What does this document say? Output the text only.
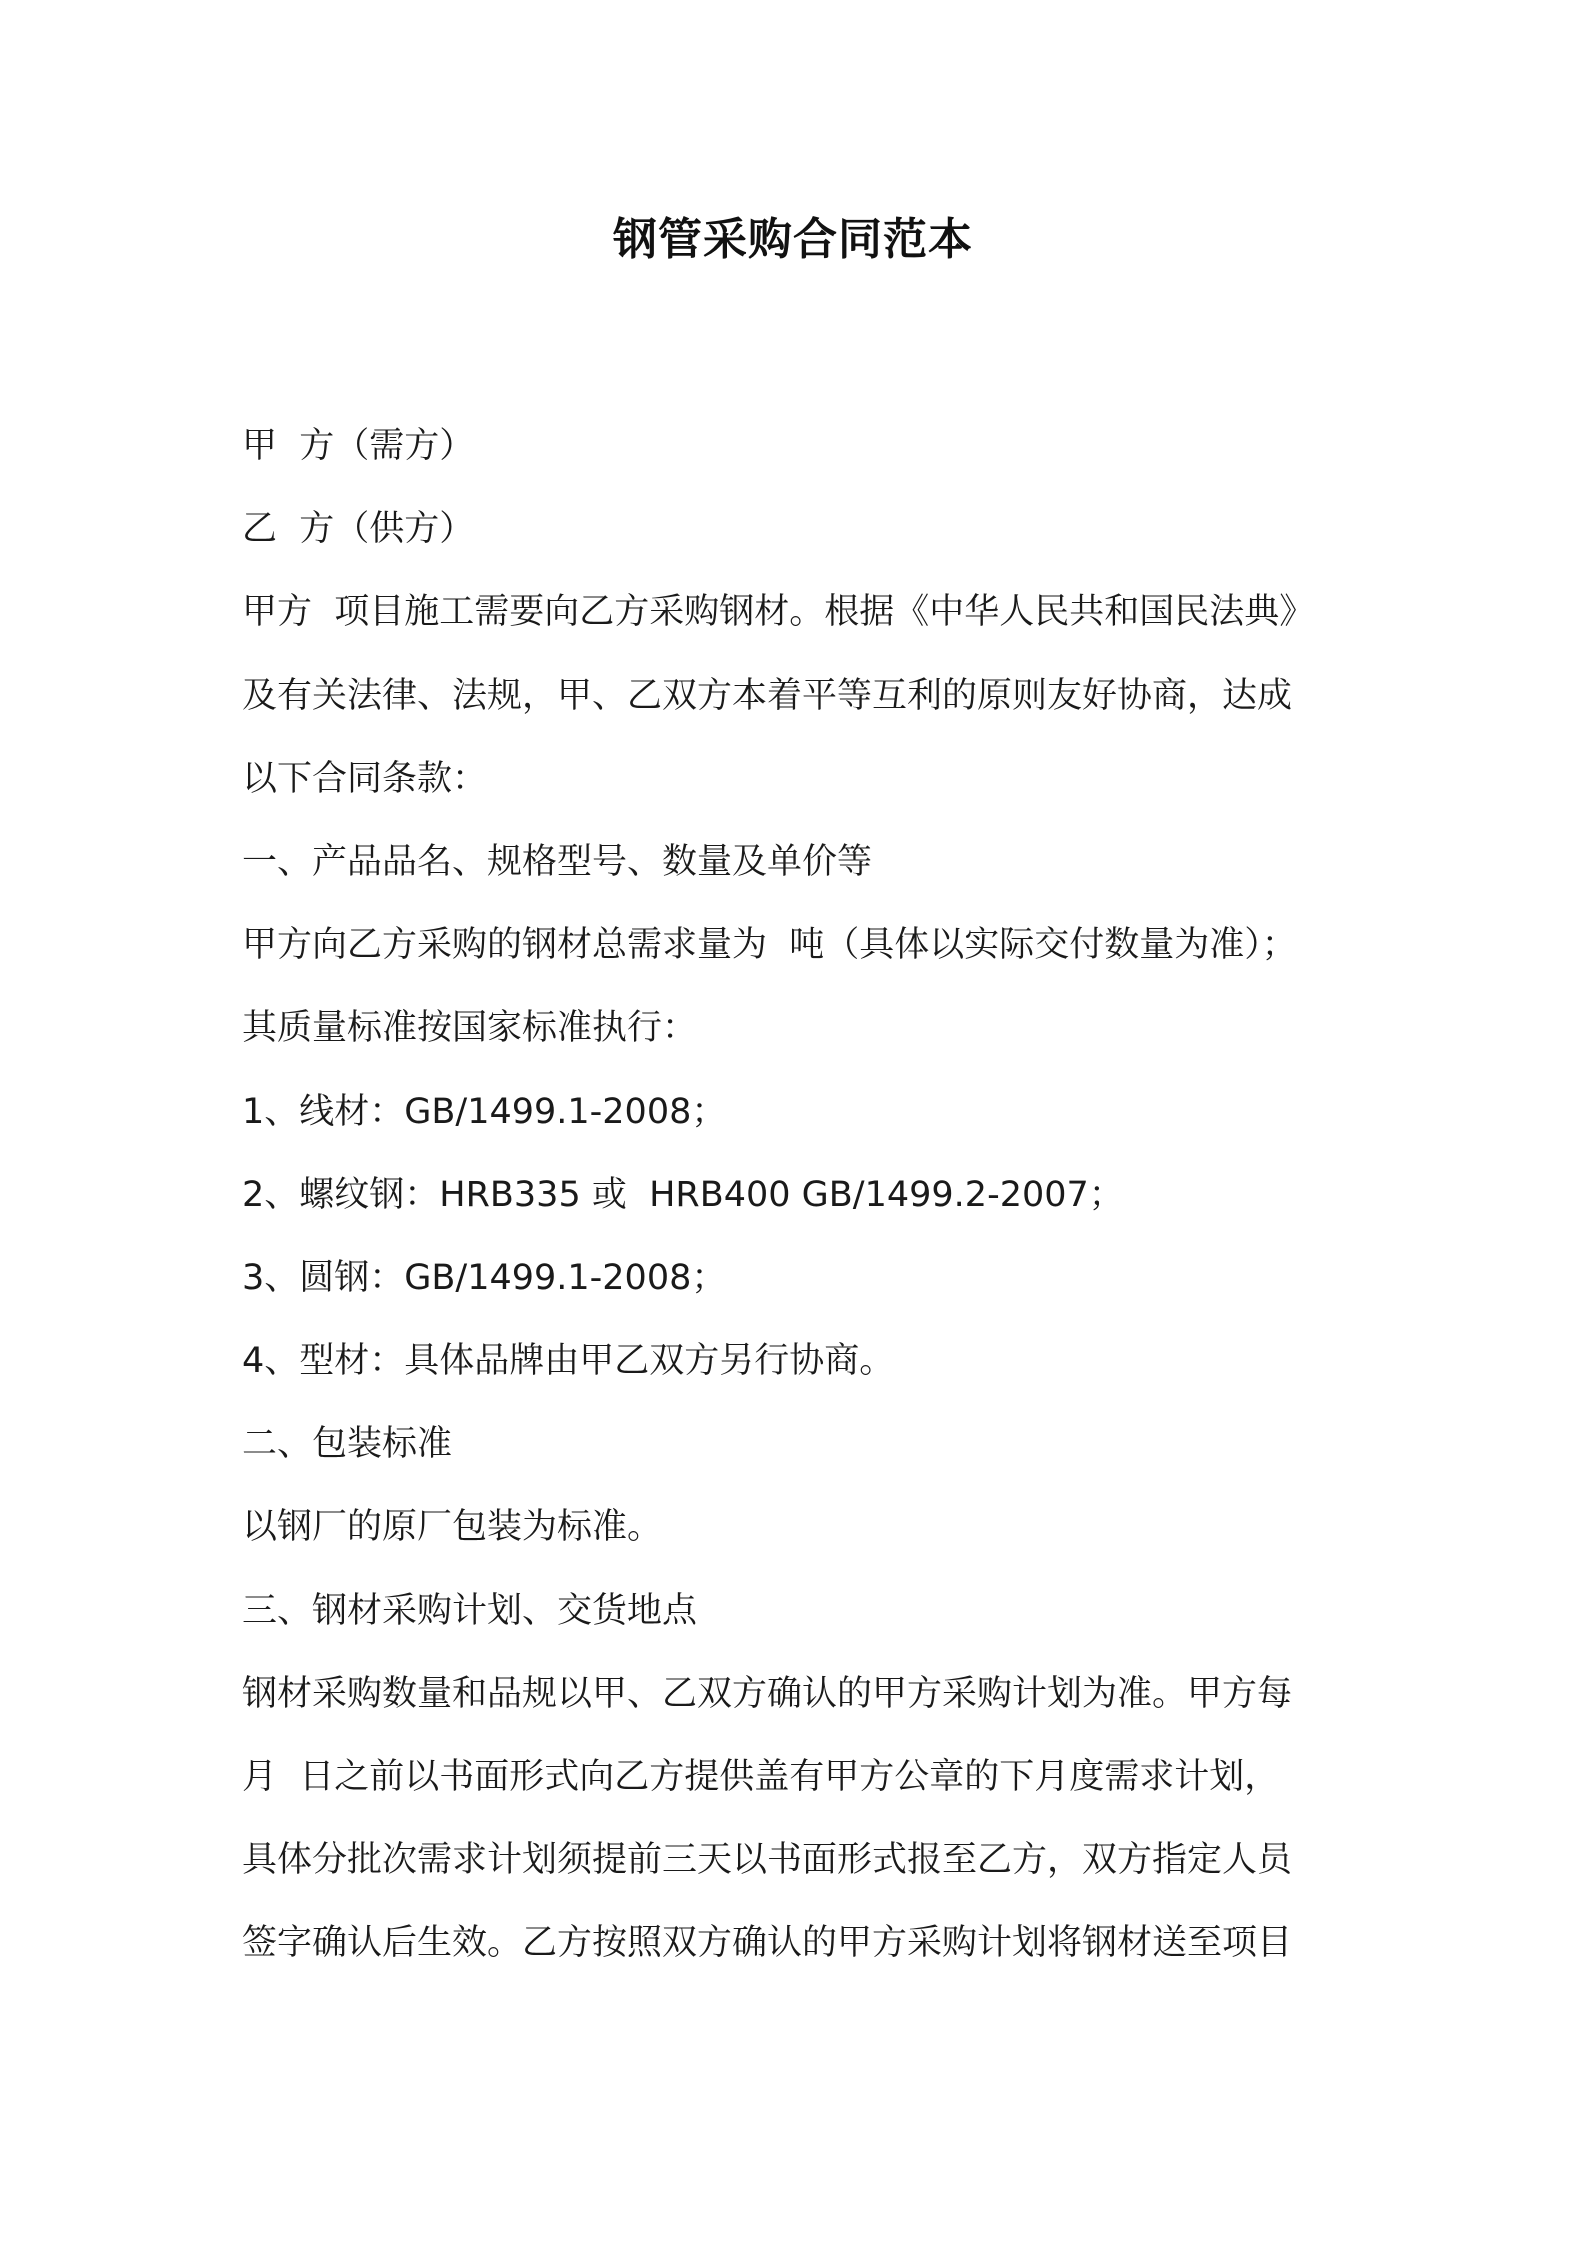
钢管采购合同范本
甲  方（需方）
乙  方（供方）
甲方  项目施工需要向乙方采购钢材。根据《中华人民共和国民法典》
及有关法律、法规，甲、乙双方本着平等互利的原则友好协商，达成
以下合同条款：
一、产品品名、规格型号、数量及单价等
甲方向乙方采购的钢材总需求量为  吨（具体以实际交付数量为准）；
其质量标准按国家标准执行：
1、线材：GB/1499.1-2008；
2、螺纹钢：HRB335 或  HRB400 GB/1499.2-2007；
3、圆钢：GB/1499.1-2008；
4、型材：具体品牌由甲乙双方另行协商。
二、包装标准
以钢厂的原厂包装为标准。
三、钢材采购计划、交货地点
钢材采购数量和品规以甲、乙双方确认的甲方采购计划为准。甲方每
月  日之前以书面形式向乙方提供盖有甲方公章的下月度需求计划，
具体分批次需求计划须提前三天以书面形式报至乙方，双方指定人员
签字确认后生效。乙方按照双方确认的甲方采购计划将钢材送至项目
